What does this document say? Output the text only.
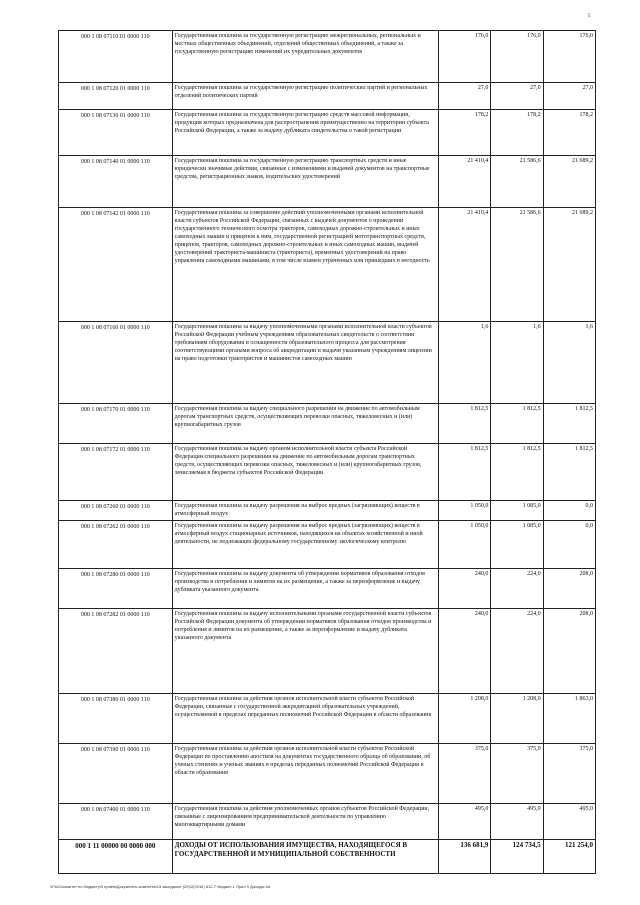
5
000 1 08 07110 01 0000 110	Государственная пошлина за государственную регистрацию межрегиональных, региональных и местных общественных объединений, отделений общественных объединений, а также за государственную регистрацию изменений их учредительных документов	176,0	176,0	176,0
000 1 08 07120 01 0000 110	Государственная пошлина за государственную регистрацию политических партий и региональных отделений политических партий	27,0	27,0	27,0
000 1 08 07130 01 0000 110	Государственная пошлина за государственную регистрацию средств массовой информации, продукция которых предназначена для распространения преимущественно на территории субъекта Российской Федерации, а также за выдачу дубликата свидетельства о такой регистрации	178,2	178,2	178,2
000 1 08 07140 01 0000 110	Государственная пошлина за государственную регистрацию транспортных средств и иные юридически значимые действия, связанные с изменениями и выдачей документов на транспортные средства, регистрационных знаков, водительских удостоверений	21 410,4	21 586,6	21 689,2
000 1 08 07142 01 0000 110	Государственная пошлина за совершение действий уполномоченными органами исполнительной власти субъектов Российской Федерации, связанных с выдачей документов о проведении государственного технического осмотра тракторов, самоходных дорожно-строительных и иных самоходных машин и прицепов к ним, государственной регистрацией мототранспортных средств, прицепов, тракторов, самоходных дорожно-строительных и иных самоходных машин, выдачей удостоверений тракториста-машиниста (тракториста), временных удостоверений на право управления самоходными машинами, в том числе взамен утраченных или пришедших в негодность	21 410,4	21 586,6	21 689,2
000 1 08 07160 01 0000 110	Государственная пошлина за выдачу уполномоченными органами исполнительной власти субъектов Российской Федерации учебным учреждениям образовательных свидетельств о соответствии требованиям оборудования и оснащенности образовательного процесса для рассмотрения соответствующими органами вопроса об аккредитации и выдачи указанным учреждениям лицензии на право подготовки трактористов и машинистов самоходных машин	1,6	1,6	1,6
000 1 08 07170 01 0000 110	Государственная пошлина за выдачу специального разрешения на движение по автомобильным дорогам транспортных средств, осуществляющих перевозки опасных, тяжеловесных и (или) крупногабаритных грузов	1 812,5	1 812,5	1 812,5
000 1 08 07172 01 0000 110	Государственная пошлина за выдачу органом исполнительной власти субъекта Российской Федерации специального разрешения на движение по автомобильным дорогам транспортных средств, осуществляющих перевозки опасных, тяжеловесных и (или) крупногабаритных грузов, зачисляемая в бюджеты субъектов Российской Федерации	1 812,5	1 812,5	1 812,5
000 1 08 07260 01 0000 110	Государственная пошлина за выдачу разрешения на выброс вредных (загрязняющих) веществ в атмосферный воздух	1 050,0	1 085,0	0,0
000 1 08 07262 01 0000 110	Государственная пошлина за выдачу разрешения на выброс вредных (загрязняющих) веществ в атмосферный воздух стационарных источников, находящихся на объектах хозяйственной и иной деятельности, не подлежащих федеральному государственному экологическому контролю	1 050,0	1 085,0	0,0
000 1 08 07280 01 0000 110	Государственная пошлина за выдачу документа об утверждении нормативов образования отходов производства и потребления и лимитов на их размещение, а также за переоформление и выдачу дубликата указанного документа	240,0	224,0	208,0
000 1 08 07282 01 0000 110	Государственная пошлина за выдачу исполнительными органами государственной власти субъектов Российской Федерации документа об утверждении нормативов образования отходов производства и потребления и лимитов на их размещение, а также за переоформление и выдачу дубликата указанного документа	240,0	224,0	208,0
000 1 08 07380 01 0000 110	Государственная пошлина за действия органов исполнительной власти субъектов Российской Федерации, связанные с государственной аккредитацией образовательных учреждений, осуществляемой в пределах переданных полномочий Российской Федерации в области образования	1 208,0	1 208,0	1 863,0
000 1 08 07390 01 0000 110	Государственная пошлина за действия органов исполнительной власти субъектов Российской Федерации по проставлению апостиля на документах государственного образца об образовании, об ученых степенях и ученых званиях в пределах переданных полномочий Российской Федерации в области образования	375,0	375,0	375,0
000 1 08 07400 01 0000 110	Государственная пошлина за действия уполномоченных органов субъектов Российской Федерации, связанные с лицензированием предпринимательской деятельности по управлению многоквартирными домами	495,0	495,0	495,0
000 1 11 00000 00 0000 000	ДОХОДЫ ОТ ИСПОЛЬЗОВАНИЯ ИМУЩЕСТВА, НАХОДЯЩЕГОСЯ В ГОСУДАРСТВЕННОЙ И МУНИЦИПАЛЬНОЙ СОБСТВЕННОСТИ	136 681,9	124 734,5	121 254,0
\\Fs01\комитет по бюджету\0 приём\Документы комитета\24 заседание (25)\2(2016) 812-7 бюджет-1 Прил 9 Доходы.xls
